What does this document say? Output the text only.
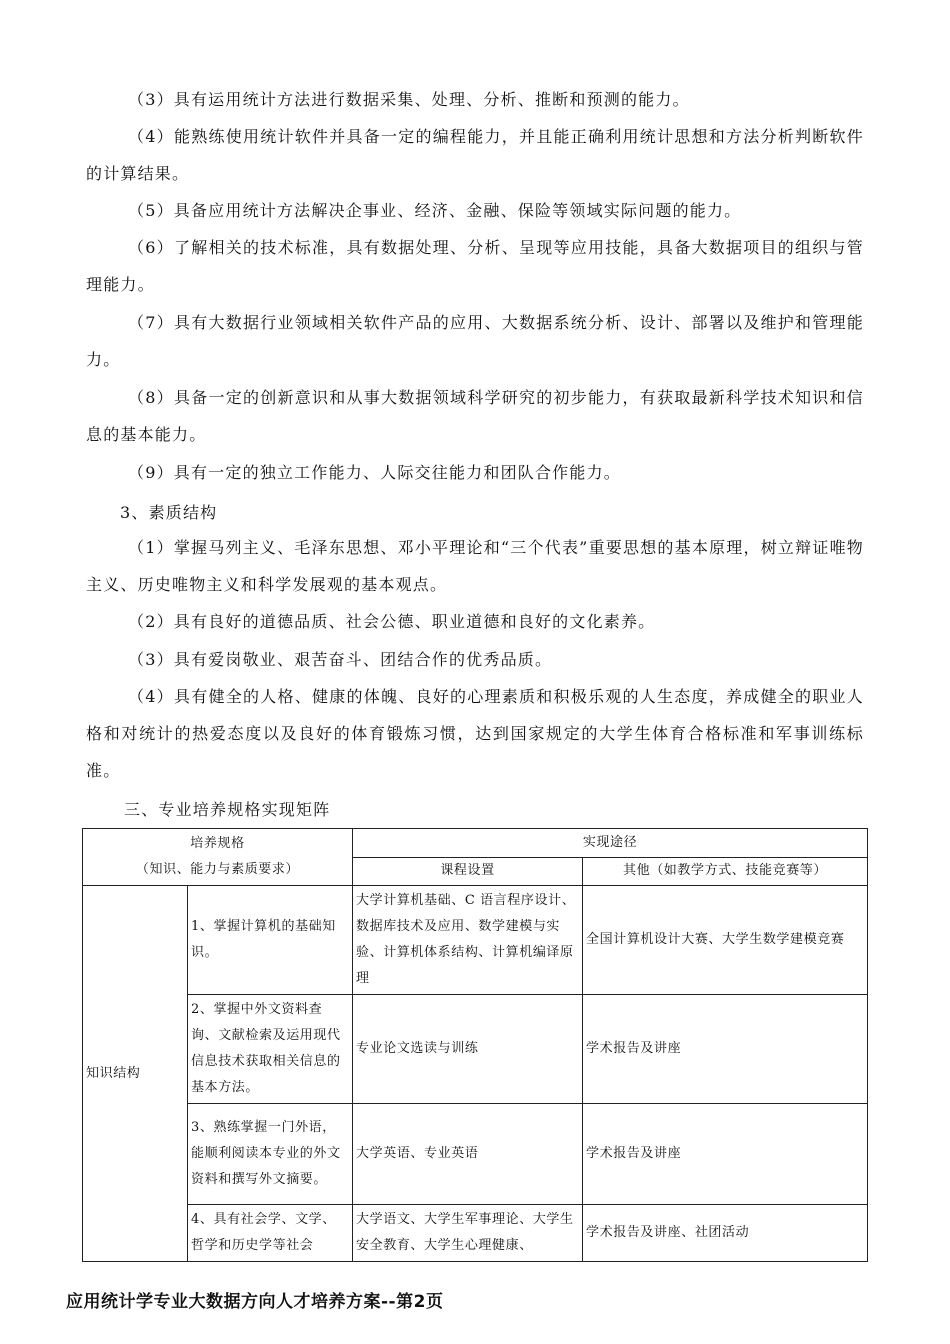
（3）具有运用统计方法进行数据采集、处理、分析、推断和预测的能力。

（4）能熟练使用统计软件并具备一定的编程能力，并且能正确利用统计思想和方法分析判断软件的计算结果。

（5）具备应用统计方法解决企事业、经济、金融、保险等领域实际问题的能力。

（6）了解相关的技术标准，具有数据处理、分析、呈现等应用技能，具备大数据项目的组织与管理能力。

（7）具有大数据行业领域相关软件产品的应用、大数据系统分析、设计、部署以及维护和管理能力。

（8）具备一定的创新意识和从事大数据领域科学研究的初步能力，有获取最新科学技术知识和信息的基本能力。

（9）具有一定的独立工作能力、人际交往能力和团队合作能力。

3、素质结构

（1）掌握马列主义、毛泽东思想、邓小平理论和“三个代表”重要思想的基本原理，树立辩证唯物主义、历史唯物主义和科学发展观的基本观点。

（2）具有良好的道德品质、社会公德、职业道德和良好的文化素养。

（3）具有爱岗敬业、艰苦奋斗、团结合作的优秀品质。

（4）具有健全的人格、健康的体魄、良好的心理素质和积极乐观的人生态度，养成健全的职业人格和对统计的热爱态度以及良好的体育锻炼习惯，达到国家规定的大学生体育合格标准和军事训练标准。

三、专业培养规格实现矩阵

培养规格
（知识、能力与素质要求）		实现途径	
		课程设置	其他（如教学方式、技能竞赛等）
知识结构	1、掌握计算机的基础知识。	大学计算机基础、C 语言程序设计、数据库技术及应用、数学建模与实验、计算机体系结构、计算机编译原理	全国计算机设计大赛、大学生数学建模竞赛
	2、掌握中外文资料查询、文献检索及运用现代信息技术获取相关信息的基本方法。	专业论文选读与训练	学术报告及讲座
	3、熟练掌握一门外语，能顺利阅读本专业的外文资料和撰写外文摘要。	大学英语、专业英语	学术报告及讲座
	4、具有社会学、文学、哲学和历史学等社会	大学语文、大学生军事理论、大学生安全教育、大学生心理健康、	学术报告及讲座、社团活动
应用统计学专业大数据方向人才培养方案--第2页
